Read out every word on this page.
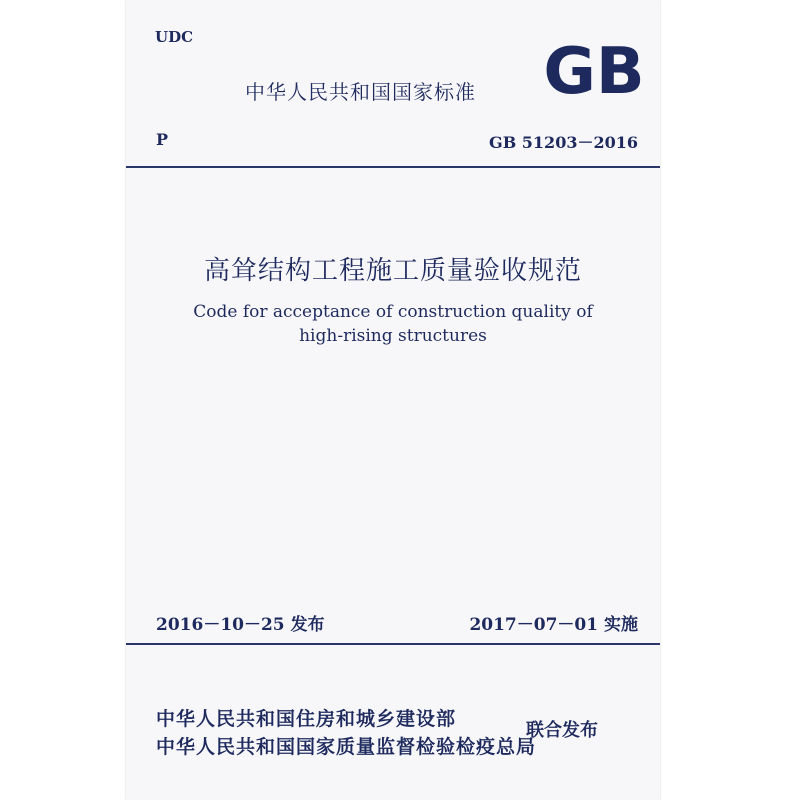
UDC
中华人民共和国国家标准 GB
P	GB 51203－2016
高耸结构工程施工质量验收规范
Code for acceptance of construction quality of
high-rising structures
2016－10－25 发布	2017－07－01 实施
中华人民共和国住房和城乡建设部
中华人民共和国国家质量监督检验检疫总局
联合发布
